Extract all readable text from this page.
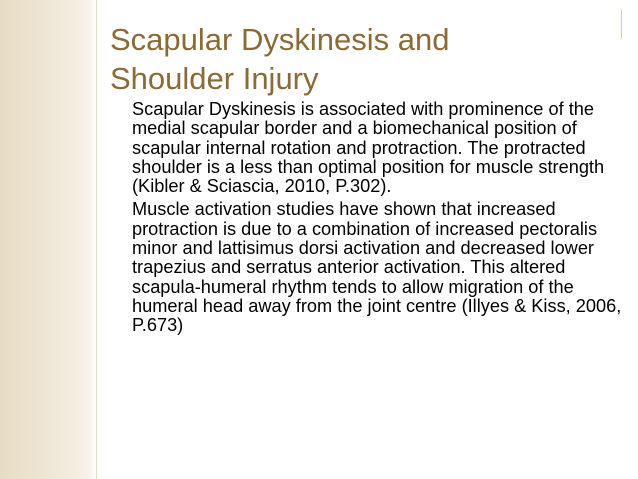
Scapular Dyskinesis and
Shoulder Injury

Scapular Dyskinesis is associated with prominence of the medial scapular border and a biomechanical position of scapular internal rotation and protraction. The protracted shoulder is a less than optimal position for muscle strength (Kibler & Sciascia, 2010, P.302).

Muscle activation studies have shown that increased protraction is due to a combination of increased pectoralis minor and lattisimus dorsi activation and decreased lower trapezius and serratus anterior activation. This altered scapula-humeral rhythm tends to allow migration of the humeral head away from the joint centre (Illyes & Kiss, 2006, P.673)
